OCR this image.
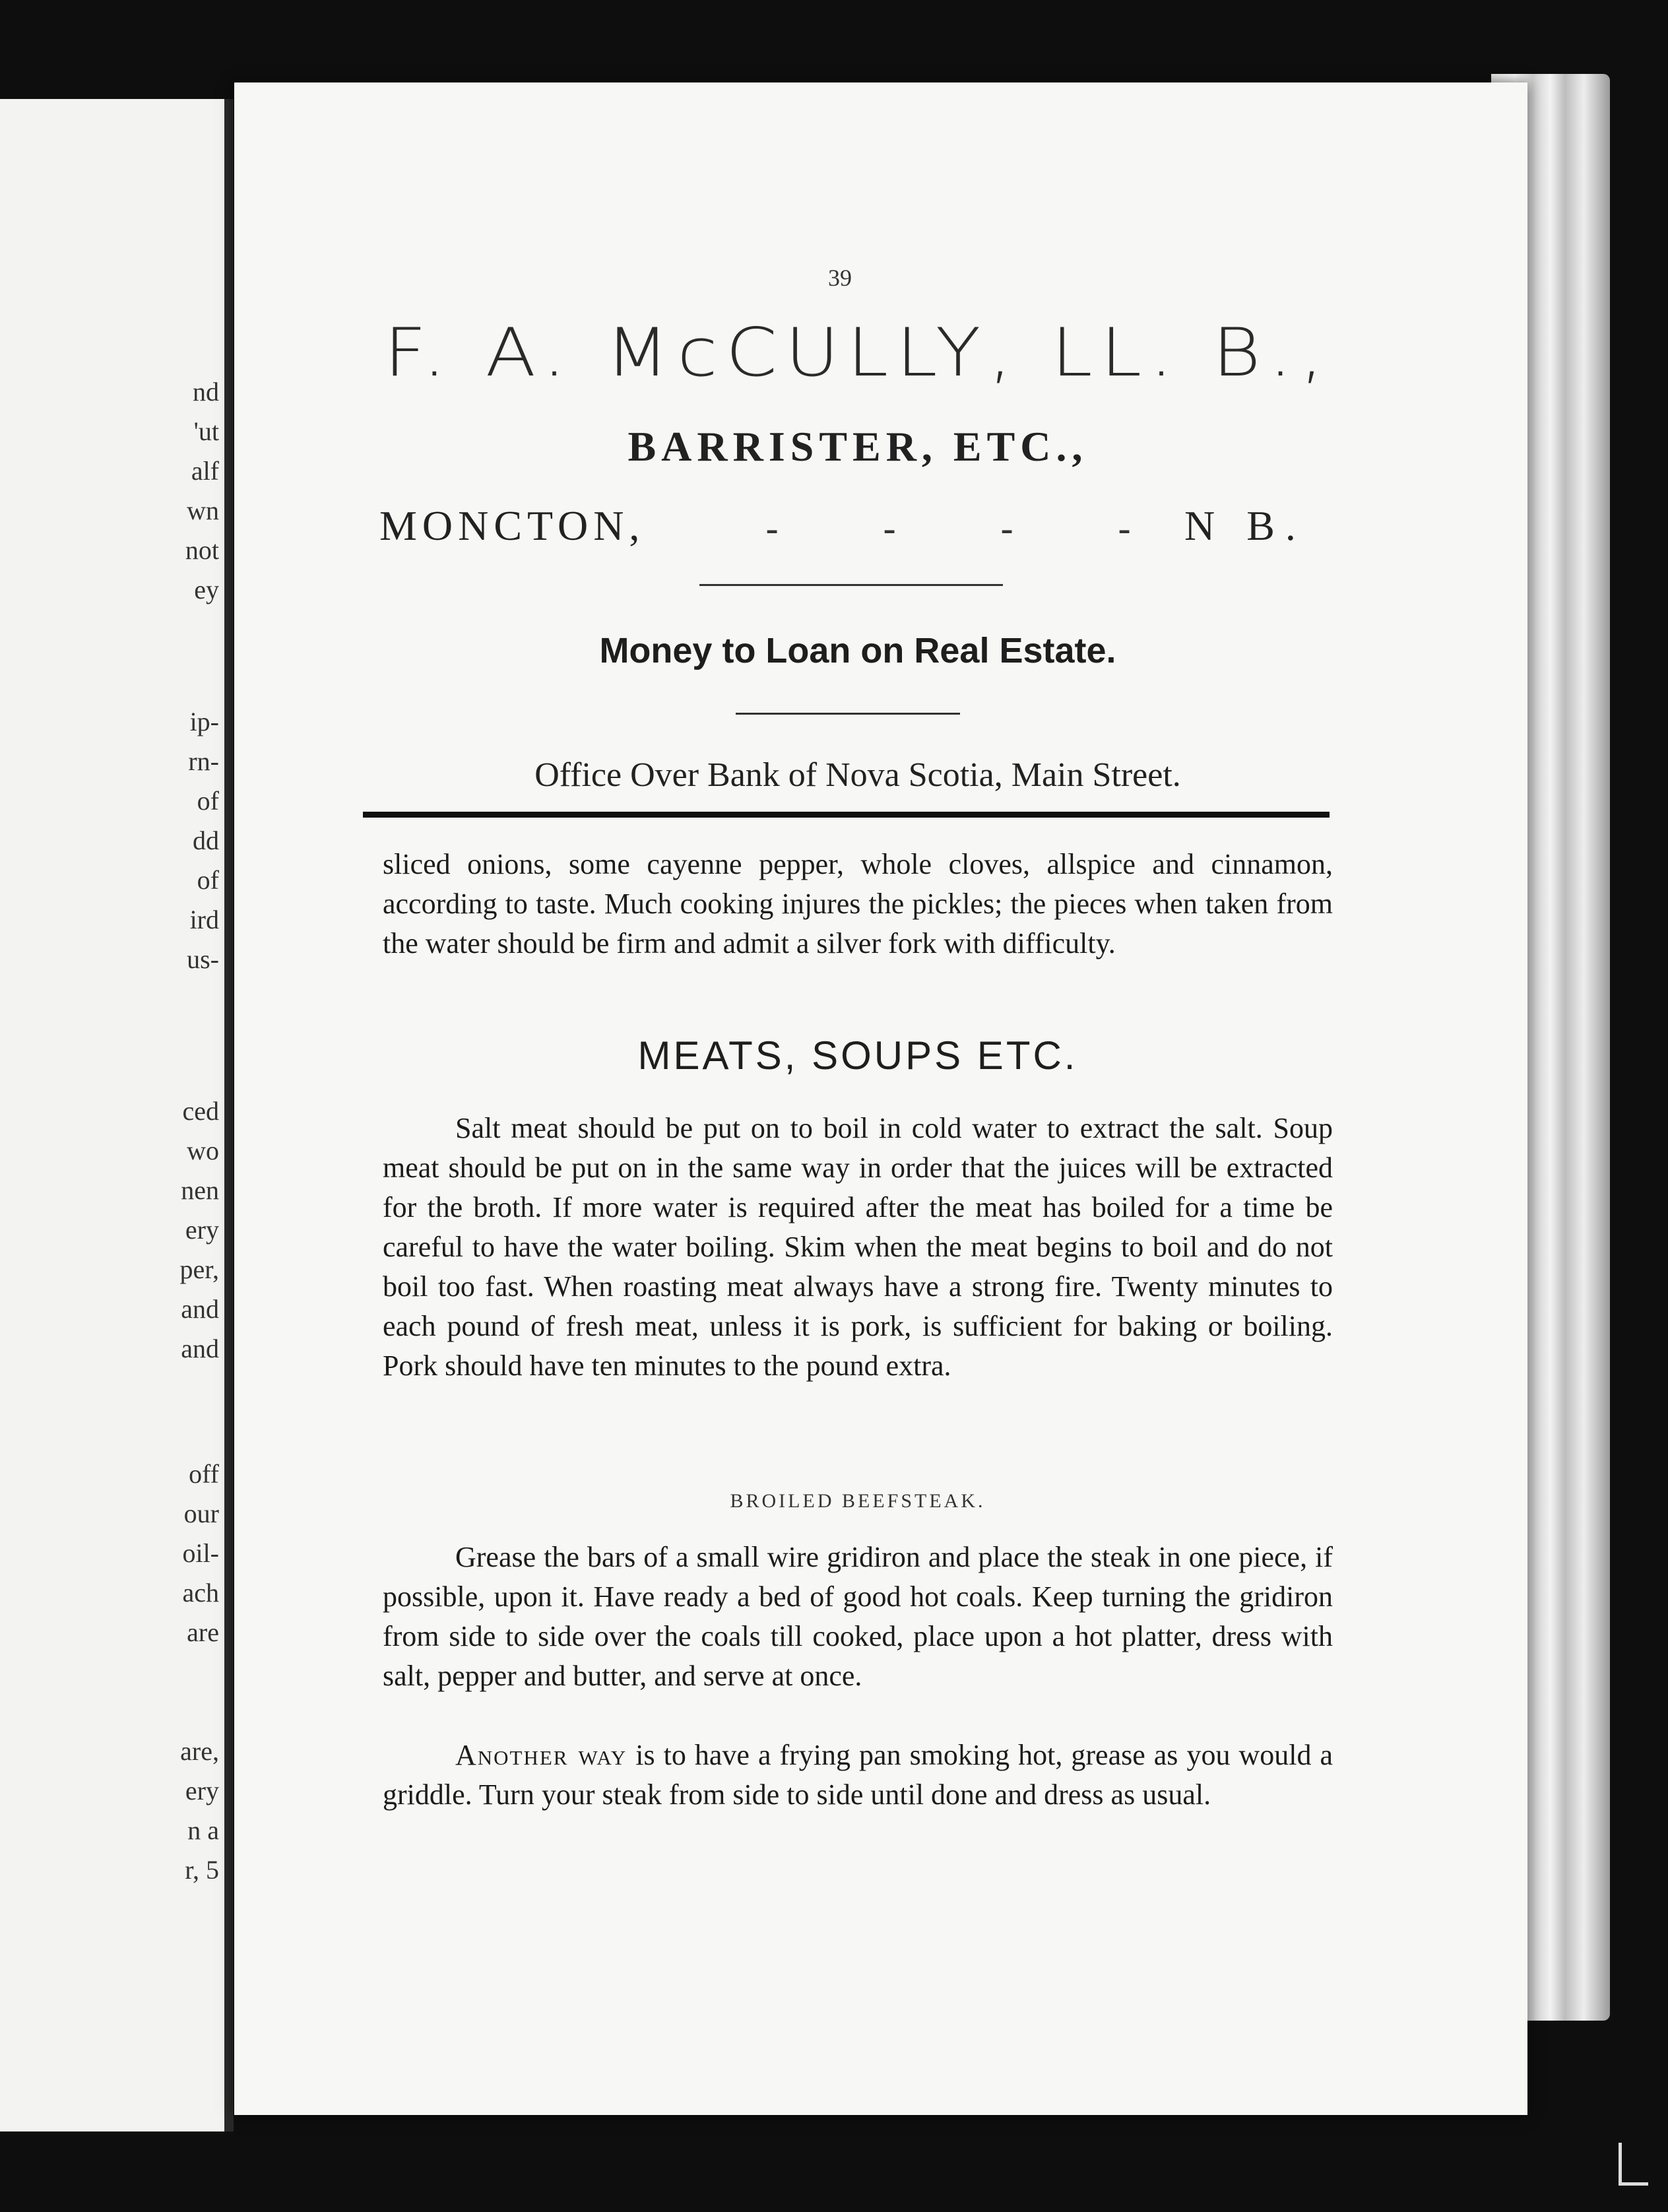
nd
'ut
alf
wn
not
ey
ip-
rn-
of
dd
of
ird
us-
ced
wo
nen
ery
per,
and
and
off
our
oil-
ach
are
are,
ery
n a
r, 5
39
F. A. McCULLY, LL. B.,
BARRISTER, ETC.,
MONCTON,	- - - - N B.
Money to Loan on Real Estate.
Office Over Bank of Nova Scotia, Main Street.
sliced onions, some cayenne pepper, whole cloves, allspice and cinnamon, according to taste. Much cooking injures the pickles; the pieces when taken from the water should be firm and admit a silver fork with difficulty.
MEATS, SOUPS ETC.
Salt meat should be put on to boil in cold water to extract the salt. Soup meat should be put on in the same way in order that the juices will be extracted for the broth. If more water is required after the meat has boiled for a time be careful to have the water boiling. Skim when the meat begins to boil and do not boil too fast. When roasting meat always have a strong fire. Twenty minutes to each pound of fresh meat, unless it is pork, is sufficient for baking or boiling. Pork should have ten minutes to the pound extra.
BROILED BEEFSTEAK.
Grease the bars of a small wire gridiron and place the steak in one piece, if possible, upon it. Have ready a bed of good hot coals. Keep turning the gridiron from side to side over the coals till cooked, place upon a hot platter, dress with salt, pepper and butter, and serve at once.
Another way is to have a frying pan smoking hot, grease as you would a griddle. Turn your steak from side to side until done and dress as usual.
